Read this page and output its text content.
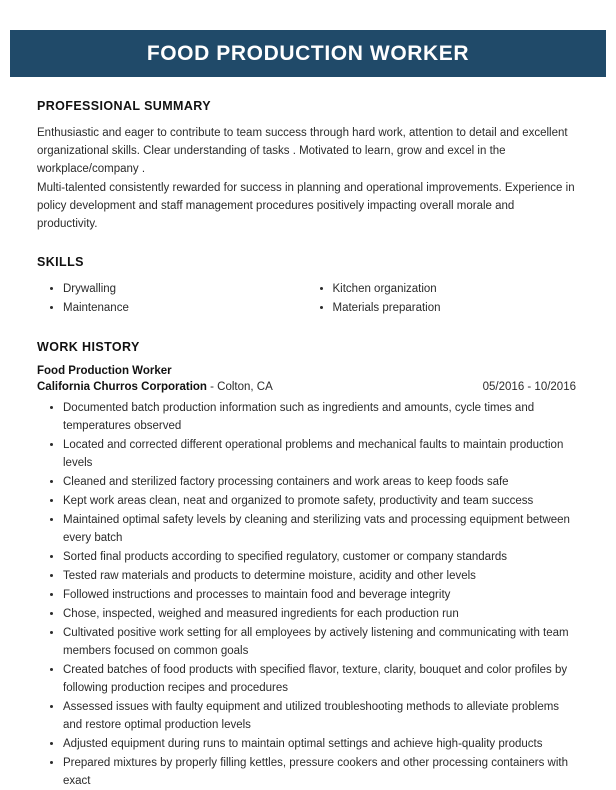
FOOD PRODUCTION WORKER
PROFESSIONAL SUMMARY

Enthusiastic and eager to contribute to team success through hard work, attention to detail and excellent organizational skills. Clear understanding of tasks . Motivated to learn, grow and excel in the workplace/company .

Multi-talented consistently rewarded for success in planning and operational improvements. Experience in policy development and staff management procedures positively impacting overall morale and productivity.

SKILLS
• Drywalling
• Maintenance
• Kitchen organization
• Materials preparation
WORK HISTORY

Food Production Worker

California Churros Corporation - Colton, CA	05/2016 - 10/2016
• Documented batch production information such as ingredients and amounts, cycle times and temperatures observed
• Located and corrected different operational problems and mechanical faults to maintain production levels
• Cleaned and sterilized factory processing containers and work areas to keep foods safe
• Kept work areas clean, neat and organized to promote safety, productivity and team success
• Maintained optimal safety levels by cleaning and sterilizing vats and processing equipment between every batch
• Sorted final products according to specified regulatory, customer or company standards
• Tested raw materials and products to determine moisture, acidity and other levels
• Followed instructions and processes to maintain food and beverage integrity
• Chose, inspected, weighed and measured ingredients for each production run
• Cultivated positive work setting for all employees by actively listening and communicating with team members focused on common goals
• Created batches of food products with specified flavor, texture, clarity, bouquet and color profiles by following production recipes and procedures
• Assessed issues with faulty equipment and utilized troubleshooting methods to alleviate problems and restore optimal production levels
• Adjusted equipment during runs to maintain optimal settings and achieve high-quality products
• Prepared mixtures by properly filling kettles, pressure cookers and other processing containers with exact
